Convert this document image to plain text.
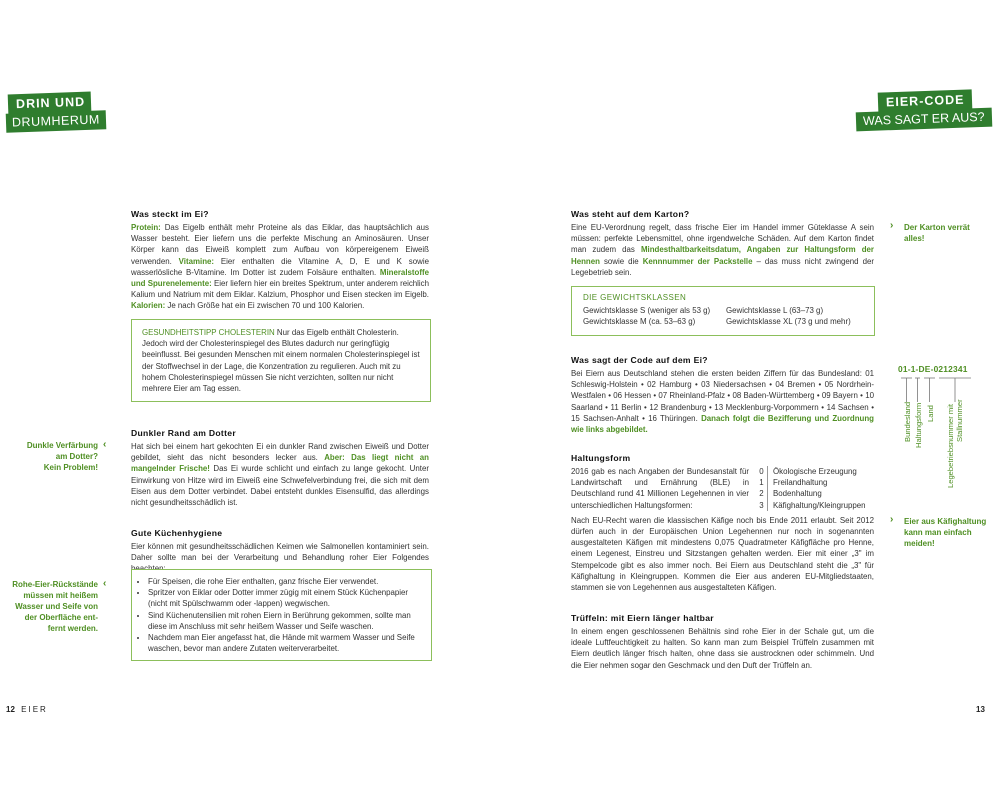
DRIN UND
DRUMHERUM
EIER-CODE
WAS SAGT ER AUS?
Was steckt im Ei?

Protein: Das Eigelb enthält mehr Proteine als das Eiklar, das hauptsächlich aus Wasser besteht. Eier liefern uns die perfekte Mischung an Aminosäuren. Unser Körper kann das Eiweiß komplett zum Aufbau von körpereigenem Eiweiß verwenden. Vitamine: Eier enthalten die Vitamine A, D, E und K sowie wasserlösliche B-Vitamine. Im Dotter ist zudem Folsäure enthalten. Mineralstoffe und Spurenelemente: Eier liefern hier ein breites Spektrum, unter anderem reichlich Kalium und Natrium mit dem Eiklar. Kalzium, Phosphor und Eisen stecken im Eigelb. Kalorien: Je nach Größe hat ein Ei zwischen 70 und 100 Kalorien.

GESUNDHEITSTIPP CHOLESTERIN Nur das Eigelb enthält Cholesterin. Jedoch wird der Cholesterinspiegel des Blutes dadurch nur geringfügig beeinflusst. Bei gesunden Menschen mit einem normalen Cholesterinspiegel ist der Stoffwechsel in der Lage, die Konzentration zu regulieren. Auch mit zu hohem Cholesterinspiegel müssen Sie nicht verzichten, sollten nur nicht mehrere Eier am Tag essen.

Dunkler Rand am Dotter

Hat sich bei einem hart gekochten Ei ein dunkler Rand zwischen Eiweiß und Dotter gebildet, sieht das nicht besonders lecker aus. Aber: Das liegt nicht an mangelnder Frische! Das Ei wurde schlicht und einfach zu lange gekocht. Unter Einwirkung von Hitze wird im Eiweiß eine Schwefelverbindung frei, die sich mit dem Eisen aus dem Dotter verbindet. Dabei entsteht dunkles Eisensulfid, das allerdings nicht gesundheitsschädlich ist.

Gute Küchenhygiene

Eier können mit gesundheitsschädlichen Keimen wie Salmonellen kontaminiert sein. Daher sollte man bei der Verarbeitung und Behandlung roher Eier Folgendes

• Für Speisen, die rohe Eier enthalten, ganz frische Eier verwendet.
• Spritzer von Eiklar oder Dotter immer zügig mit einem Stück Küchenpapier (nicht mit Spülschwamm oder -lappen) wegwischen.
• Sind Küchenutensilien mit rohen Eiern in Berührung gekommen, sollte man diese im Anschluss mit sehr heißem Wasser und Seife waschen.
• Nachdem man Eier angefasst hat, die Hände mit warmem Wasser und Seife waschen, bevor man andere Zutaten weiterverarbeitet.
Dunkle Verfärbung
am Dotter?
Kein Problem!
‹
Rohe-Eier-Rückstände
müssen mit heißem
Wasser und Seife von
der Oberfläche ent-
fernt werden.
‹
12 EIER
Was steht auf dem Karton?

Eine EU-Verordnung regelt, dass frische Eier im Handel immer Güteklasse A sein müssen: perfekte Lebensmittel, ohne irgendwelche Schäden. Auf dem Karton findet man zudem das Mindesthaltbarkeitsdatum, Angaben zur Haltungsform der Hennen sowie die Kennnummer der Packstelle – das muss nicht zwingend der Legebetrieb sein.

DIE GEWICHTSKLASSEN
Gewichtsklasse S (weniger als 53 g)	Gewichtsklasse L (63–73 g)
Gewichtsklasse M (ca. 53–63 g)	Gewichtsklasse XL (73 g und mehr)
Was sagt der Code auf dem Ei?

Bei Eiern aus Deutschland stehen die ersten beiden Ziffern für das Bundesland: 01 Schleswig-Holstein • 02 Hamburg • 03 Niedersachsen • 04 Bremen • 05 Nordrhein-Westfalen • 06 Hessen • 07 Rheinland-Pfalz • 08 Baden-Württemberg • 09 Bayern • 10 Saarland • 11 Berlin • 12 Brandenburg • 13 Mecklenburg-Vorpommern • 14 Sachsen • 15 Sachsen-Anhalt • 16 Thüringen. Danach folgt die Bezifferung und Zuordnung wie links abgebildet.

Haltungsform

2016 gab es nach Angaben der Bundesanstalt für Landwirtschaft und Ernährung (BLE) in Deutschland rund 41 Millionen Legehennen in vier unterschiedlichen Haltungsformen:

0	Ökologische Erzeugung
1	Freilandhaltung
2	Bodenhaltung
3	Käfighaltung/Kleingruppen

Nach EU-Recht waren die klassischen Käfige noch bis Ende 2011 erlaubt. Seit 2012 dürfen auch in der Europäischen Union Legehennen nur noch in sogenannten ausgestalteten Käfigen mit mindestens 0,075 Quadratmeter Käfigfläche pro Henne, einem Legenest, Einstreu und Sitzstangen gehalten werden. Eier mit einer „3" im Stempelcode gibt es also immer noch. Bei Eiern aus Deutschland steht die „3" für Käfighaltung in Kleingruppen. Kommen die Eier aus anderen EU-Mitgliedstaaten, stammen sie von Legehennen aus ausgestalteten Käfigen.

Trüffeln: mit Eiern länger haltbar

In einem engen geschlossenen Behältnis sind rohe Eier in der Schale gut, um die ideale Luftfeuchtigkeit zu halten. So kann man zum Beispiel Trüffeln zusammen mit Eiern deutlich länger frisch halten, ohne dass sie austrocknen oder schimmeln. Und die Eier nehmen sogar den Geschmack und den Duft der Trüffeln an.

› Der Karton verrät
alles!
› Eier aus Käfighaltung
kann man einfach
meiden!
01-1-DE-0212341
Bundesland Haltungsform Land Legebetriebsnummer mit Stallnummer
13
